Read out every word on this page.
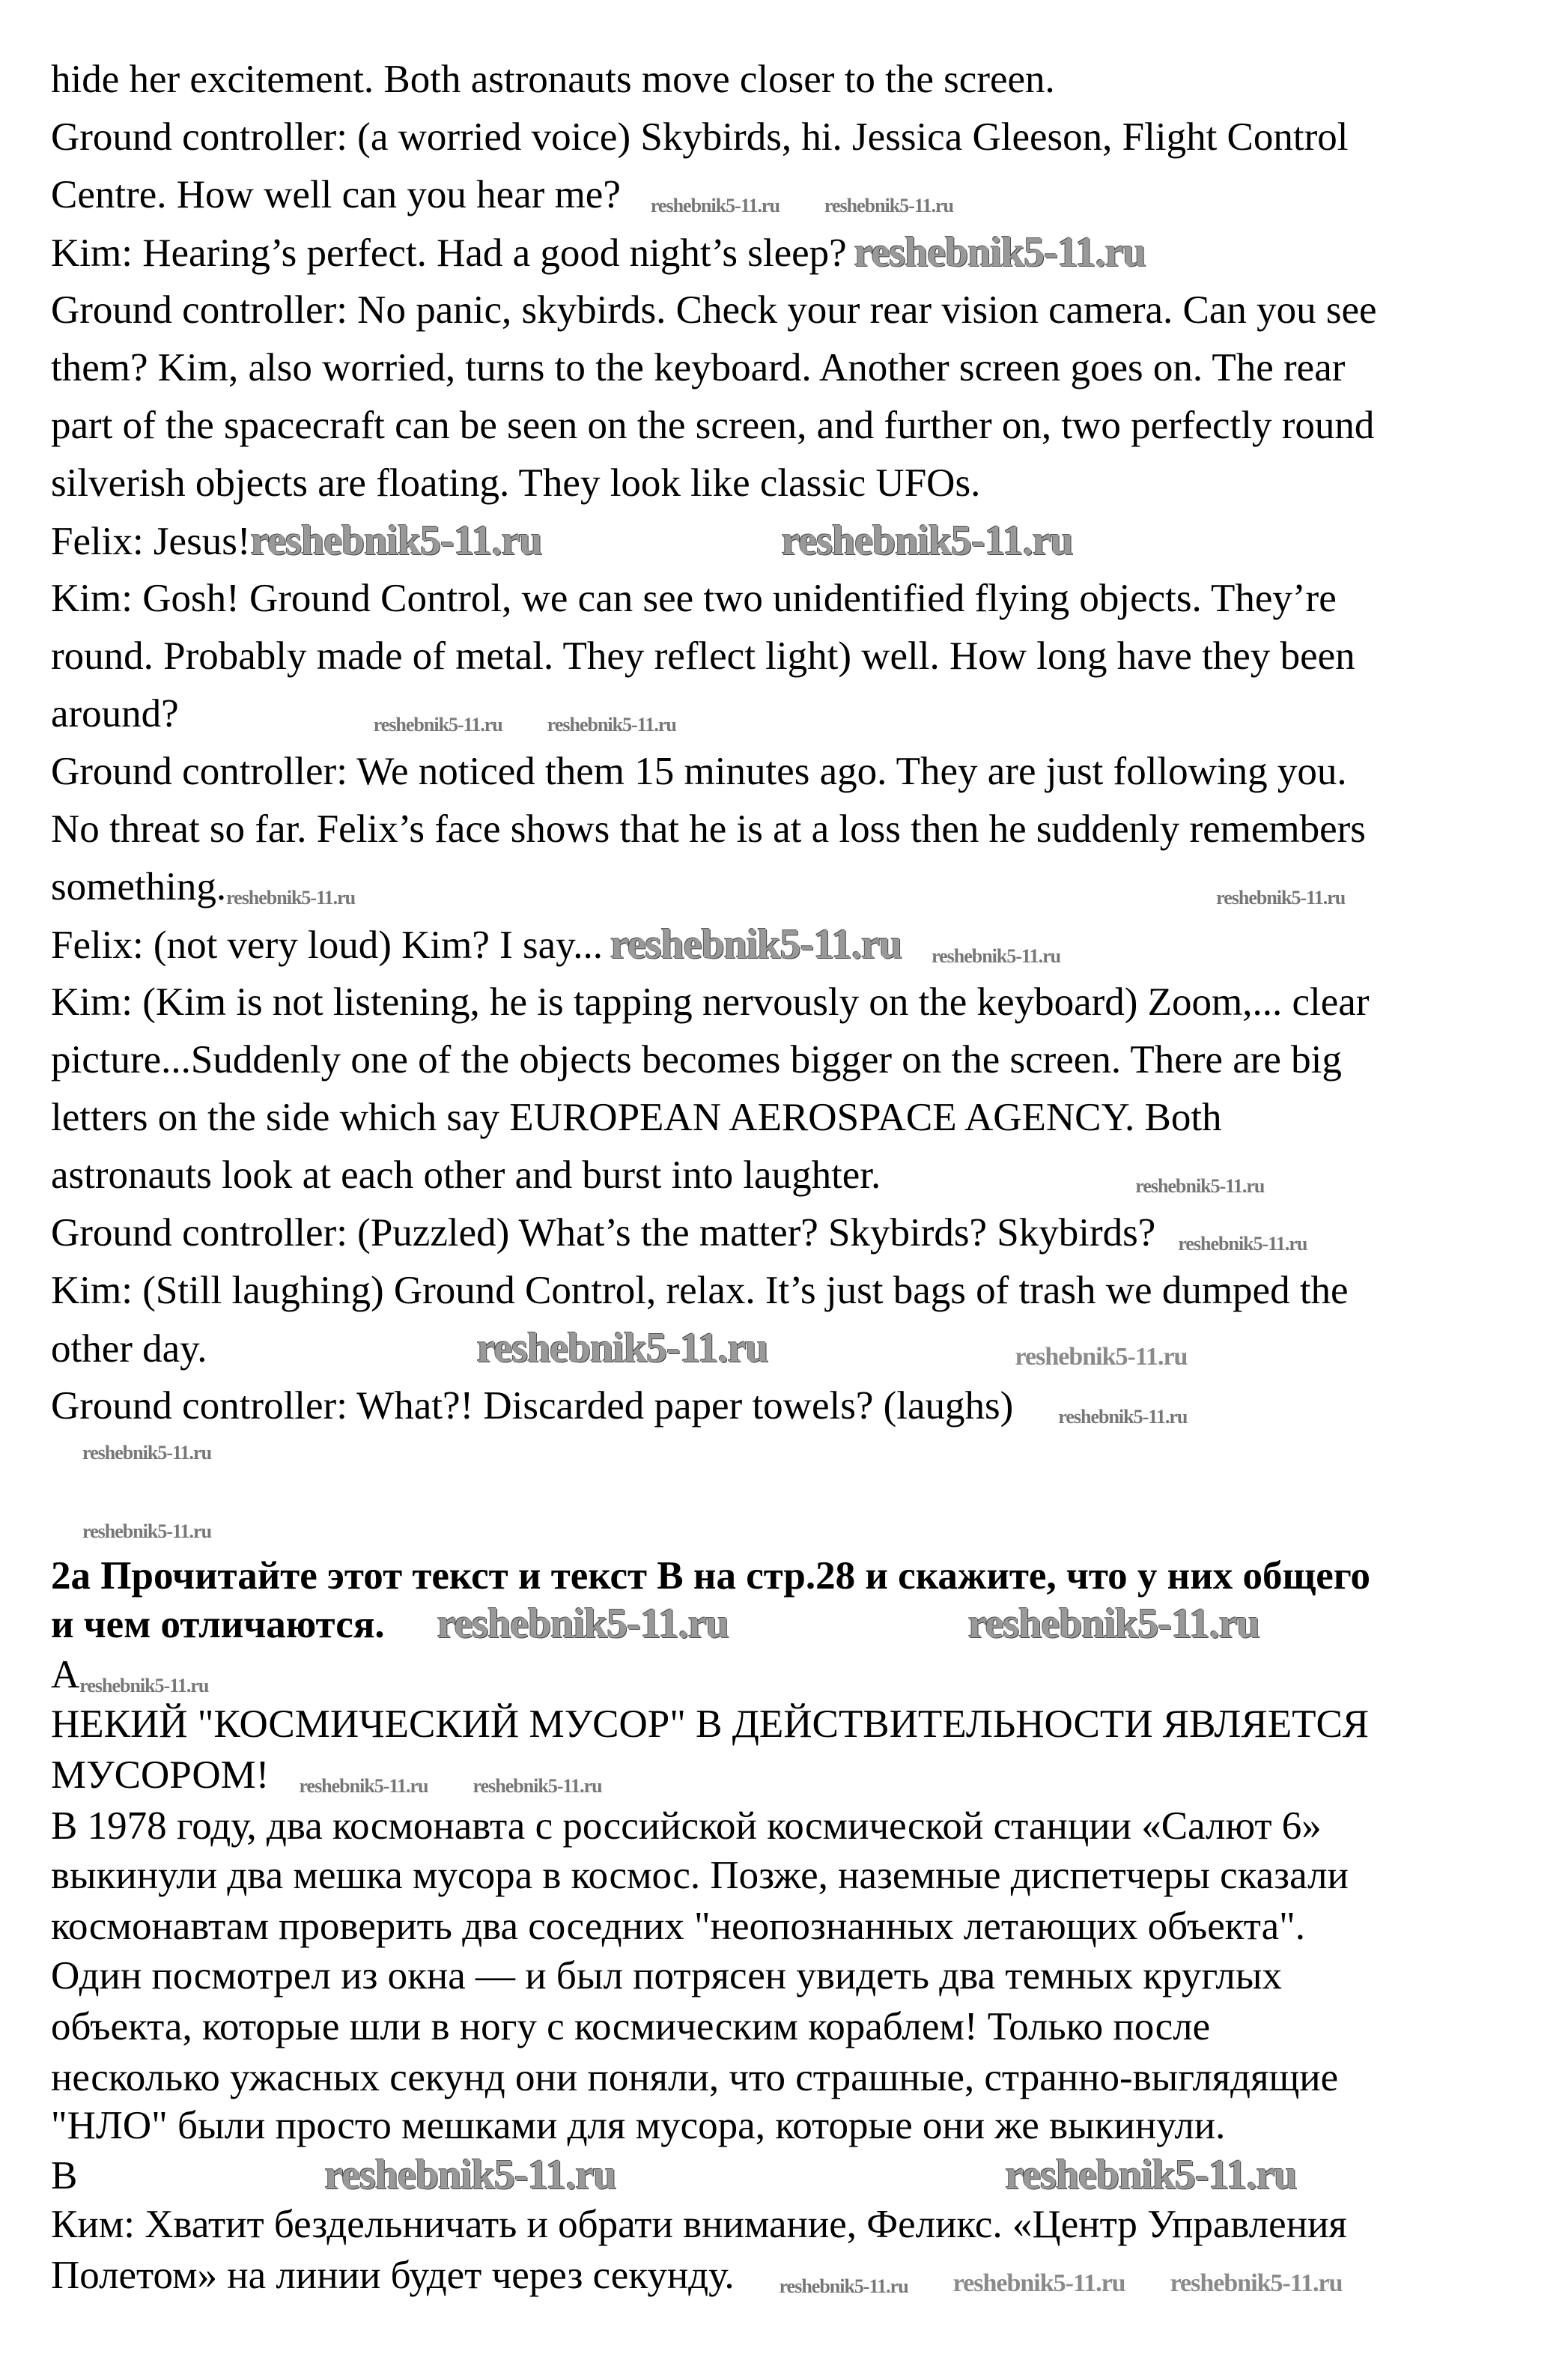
hide her excitement. Both astronauts move closer to the screen.
Ground controller: (a worried voice) Skybirds, hi. Jessica Gleeson, Flight Control
Centre. How well can you hear me? reshebnik5-11.ru reshebnik5-11.ru
Kim: Hearing’s perfect. Had a good night’s sleep? reshebnik5-11.ru
Ground controller: No panic, skybirds. Check your rear vision camera. Can you see
them? Kim, also worried, turns to the keyboard. Another screen goes on. The rear
part of the spacecraft can be seen on the screen, and further on, two perfectly round
silverish objects are floating. They look like classic UFOs.
Felix: Jesus!reshebnik5-11.ru	reshebnik5-11.ru
Kim: Gosh! Ground Control, we can see two unidentified flying objects. They’re
round. Probably made of metal. They reflect light) well. How long have they been
around?	reshebnik5-11.ru reshebnik5-11.ru
Ground controller: We noticed them 15 minutes ago. They are just following you.
No threat so far. Felix’s face shows that he is at a loss then he suddenly remembers
something.reshebnik5-11.ru	reshebnik5-11.ru
Felix: (not very loud) Kim? I say... reshebnik5-11.ru reshebnik5-11.ru
Kim: (Kim is not listening, he is tapping nervously on the keyboard) Zoom,... clear
picture...Suddenly one of the objects becomes bigger on the screen. There are big
letters on the side which say EUROPEAN AEROSPACE AGENCY. Both
astronauts look at each other and burst into laughter.	reshebnik5-11.ru
Ground controller: (Puzzled) What’s the matter? Skybirds? Skybirds? reshebnik5-11.ru
Kim: (Still laughing) Ground Control, relax. It’s just bags of trash we dumped the
other day.	reshebnik5-11.ru	reshebnik5-11.ru
Ground controller: What?! Discarded paper towels? (laughs) reshebnik5-11.ru
2a Прочитайте этот текст и текст В на стр.28 и скажите, что у них общего
и чем отличаются. reshebnik5-11.ru	reshebnik5-11.ru
Areshebnik5-11.ru
НЕКИЙ "КОСМИЧЕСКИЙ МУСОР" В ДЕЙСТВИТЕЛЬНОСТИ ЯВЛЯЕТСЯ
МУСОРОМ! reshebnik5-11.ru reshebnik5-11.ru
В 1978 году, два космонавта с российской космической станции «Салют 6»
выкинули два мешка мусора в космос. Позже, наземные диспетчеры сказали
космонавтам проверить два соседних "неопознанных летающих объекта".
Один посмотрел из окна — и был потрясен увидеть два темных круглых
объекта, которые шли в ногу с космическим кораблем! Только после
несколько ужасных секунд они поняли, что страшные, странно-выглядящие
"НЛО" были просто мешками для мусора, которые они же выкинули.
В	reshebnik5-11.ru	reshebnik5-11.ru
Ким: Хватит бездельничать и обрати внимание, Феликс. «Центр Управления
Полетом» на линии будет через секунду. reshebnik5-11.ru reshebnik5-11.ru reshebnik5-11.ru
reshebnik5-11.ru
reshebnik5-11.ru
